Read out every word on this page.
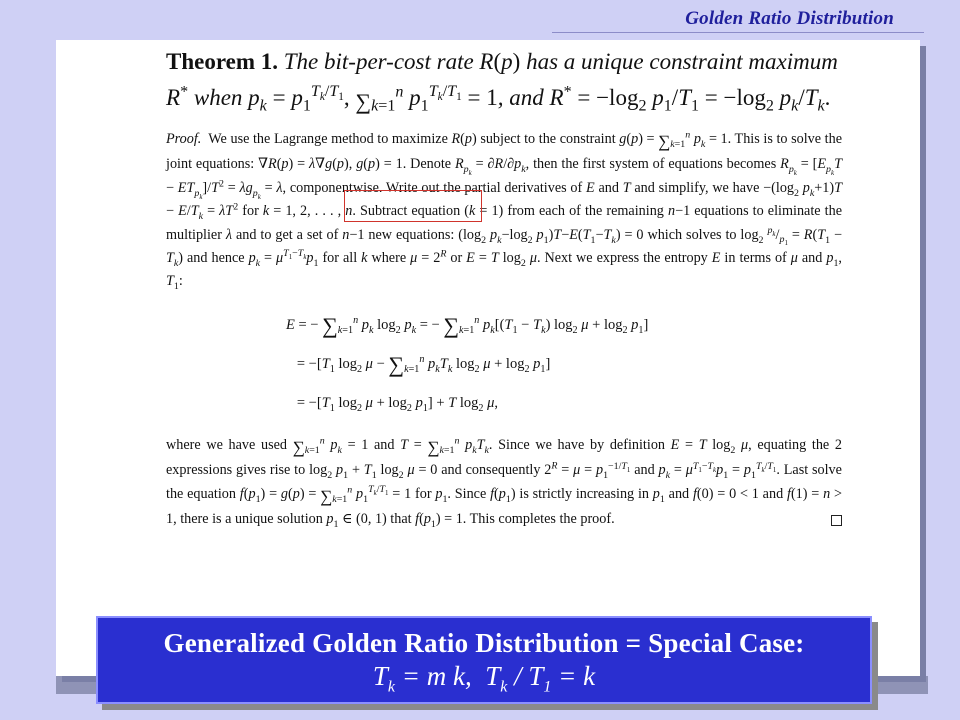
Golden Ratio Distribution
Theorem 1. The bit-per-cost rate R(p) has a unique constraint maximum R* when $p_k = p_1^{T_k/T_1}$, $\sum_{k=1}^n$ $p_1^{T_k/T_1} = 1$, and $R^* = -\log_2$ $p_1/T_1 = -\log_2$ $p_k/T_k$.
Proof.  We use the Lagrange method to maximize R(p) subject to the constraint $g(p) = \sum_{k=1}^n$ $p_k = 1$. This is to solve the joint equations: ∇R(p) = λ∇g(p), g(p) = 1. Denote $R_{p_k} = \partial R/\partial p_k$, then the first system of equations becomes $R_{p_k} = [E_{p_k}T - ET_{p_k}]/T^2 = \lambda g_{p_k} = \lambda$, componentwise. Write out the partial derivatives of E and T and simplify, we have $-(\log_2$ $p_k+1)T - E/T_k = \lambda T^2$ for k = 1, 2, . . . , n. Subtract equation (k = 1) from each of the remaining n−1 equations to eliminate the multiplier λ and to get a set of n−1 new equations: ($\log_2$ $p_k-\log_2$ $p_1)T-E(T_1-T_k) = 0$ which solves to $\log_2 ^{p_k}/_{p_1} = R(T_1 - T_k)$ and hence $p_k = \mu^{T_1-T_k}p_1$ for all k where $\mu = 2^R$ or E = T $\log_2 \mu$. Next we express the entropy E in terms of μ and $p_1$, $T_1$:
E = − $\sum_{k=1}^n$ $p_k$ $\log_2 p_k$ = − $\sum_{k=1}^n$ $p_k[(T_1 - T_k)$ $\log_2 \mu + \log_2 p_1$]
= $-[T_1$ $\log_2 \mu - \sum_{k=1}^n$ $p_kT_k$ $\log_2 \mu + \log_2 p_1$]
= $-[T_1$ $\log_2 \mu + \log_2 p_1] + T$ $\log_2 \mu$,
where we have used $\sum_{k=1}^n$ $p_k = 1$ and $T = \sum_{k=1}^n$ $p_kT_k$. Since we have by definition E = T $\log_2 \mu$, equating the 2 expressions gives rise to $\log_2 p_1 + T_1$ $\log_2 \mu = 0$ and consequently $2^R = \mu = p_1^{-1/T_1}$ and $p_k = \mu^{T_1-T_k}p_1 = p_1^{T_k/T_1}$. Last solve the equation $f(p_1) = g(p) = \sum_{k=1}^n$ $p_1^{T_k/T_1} = 1$ for $p_1$. Since $f(p_1)$ is strictly increasing in $p_1$ and f(0) = 0 < 1 and f(1) = n > 1, there is a unique solution $p_1$ ∈ (0, 1) that $f(p_1) = 1$. This completes the proof.
Generalized Golden Ratio Distribution = Special Case:
$T_k = m$ k,  $T_k / T_1 = k$
